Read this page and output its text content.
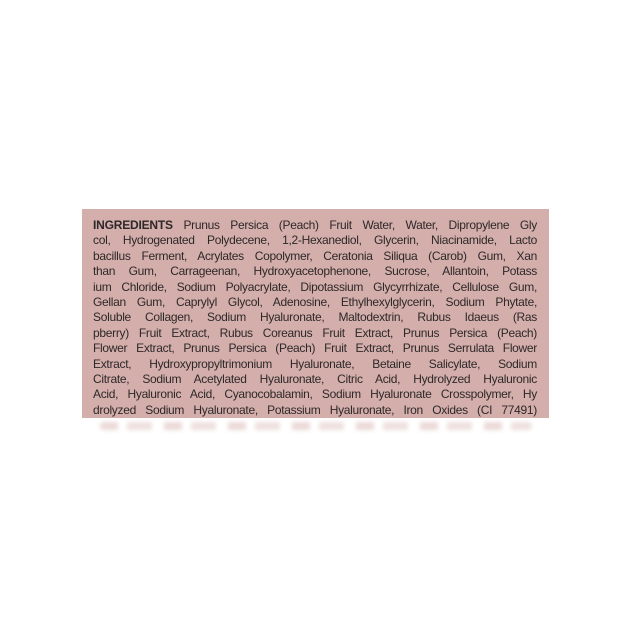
INGREDIENTS Prunus Persica (Peach) Fruit Water, Water, Dipropylene Gly
col, Hydrogenated Polydecene, 1,2-Hexanediol, Glycerin, Niacinamide, Lacto
bacillus Ferment, Acrylates Copolymer, Ceratonia Siliqua (Carob) Gum, Xan
than Gum, Carrageenan, Hydroxyacetophenone, Sucrose, Allantoin, Potass
ium Chloride, Sodium Polyacrylate, Dipotassium Glycyrrhizate, Cellulose Gum,
Gellan Gum, Caprylyl Glycol, Adenosine, Ethylhexylglycerin, Sodium Phytate,
Soluble Collagen, Sodium Hyaluronate, Maltodextrin, Rubus Idaeus (Ras
pberry) Fruit Extract, Rubus Coreanus Fruit Extract, Prunus Persica (Peach)
Flower Extract, Prunus Persica (Peach) Fruit Extract, Prunus Serrulata Flower
Extract, Hydroxypropyltrimonium Hyaluronate, Betaine Salicylate, Sodium
Citrate, Sodium Acetylated Hyaluronate, Citric Acid, Hydrolyzed Hyaluronic
Acid, Hyaluronic Acid, Cyanocobalamin, Sodium Hyaluronate Crosspolymer, Hy
drolyzed Sodium Hyaluronate, Potassium Hyaluronate, Iron Oxides (CI 77491)
